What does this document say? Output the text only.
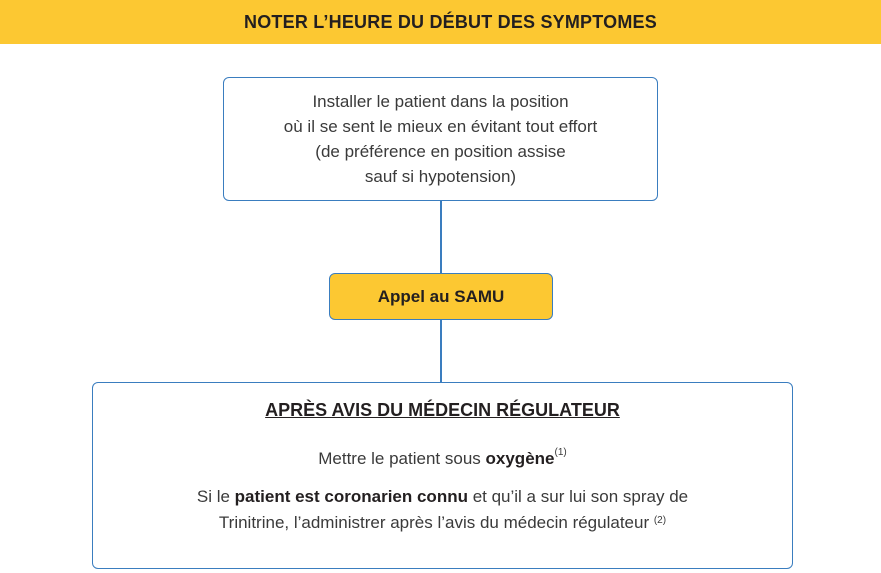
NOTER L’HEURE DU DÉBUT DES SYMPTOMES
Installer le patient dans la position
où il se sent le mieux en évitant tout effort
(de préférence en position assise
sauf si hypotension)
Appel au SAMU
APRÈS AVIS DU MÉDECIN RÉGULATEUR
Mettre le patient sous oxygène$^{(1)}$
Si le patient est coronarien connu et qu’il a sur lui son spray de
Trinitrine, l’administrer après l’avis du médecin régulateur $^{(2)}$
